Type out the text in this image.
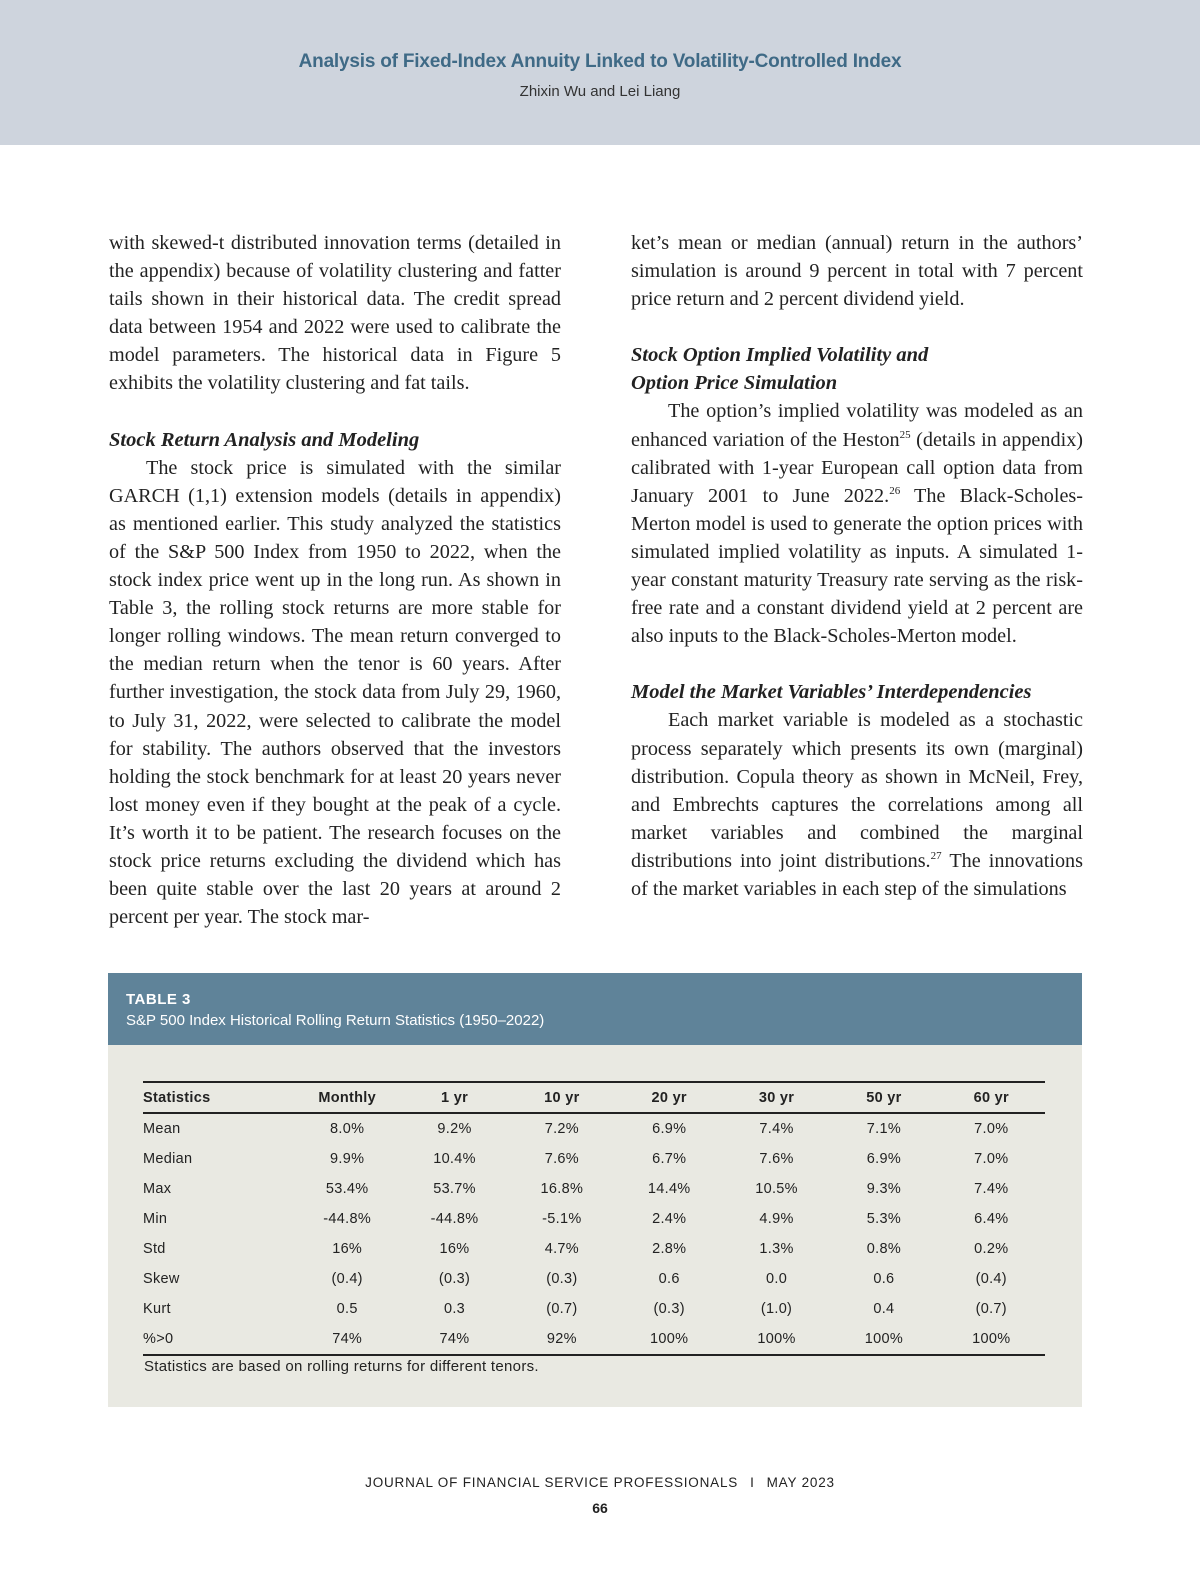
Analysis of Fixed-Index Annuity Linked to Volatility-Controlled Index
Zhixin Wu and Lei Liang

with skewed-t distributed innovation terms (detailed in the appendix) because of volatility clustering and fatter tails shown in their historical data. The credit spread data between 1954 and 2022 were used to calibrate the model parameters. The historical data in Figure 5 exhibits the volatility clustering and fat tails.

Stock Return Analysis and Modeling

The stock price is simulated with the similar GARCH (1,1) extension models (details in appendix) as mentioned earlier. This study analyzed the statistics of the S&P 500 Index from 1950 to 2022, when the stock index price went up in the long run. As shown in Table 3, the rolling stock returns are more stable for longer rolling windows. The mean return converged to the median return when the tenor is 60 years. After further investigation, the stock data from July 29, 1960, to July 31, 2022, were selected to calibrate the model for stability. The authors observed that the investors holding the stock benchmark for at least 20 years never lost money even if they bought at the peak of a cycle. It’s worth it to be patient. The research focuses on the stock price returns excluding the dividend which has been quite stable over the last 20 years at around 2 percent per year. The stock mar-

ket’s mean or median (annual) return in the authors’ simulation is around 9 percent in total with 7 percent price return and 2 percent dividend yield.

Stock Option Implied Volatility and
Option Price Simulation

The option’s implied volatility was modeled as an enhanced variation of the Heston$^{25}$ (details in appendix) calibrated with 1-year European call option data from January 2001 to June 2022.26 The Black-Scholes-Merton model is used to generate the option prices with simulated implied volatility as inputs. A simulated 1-year constant maturity Treasury rate serving as the risk-free rate and a constant dividend yield at 2 percent are also inputs to the Black-Scholes-Merton model.

Model the Market Variables’ Interdependencies

Each market variable is modeled as a stochastic process separately which presents its own (marginal) distribution. Copula theory as shown in McNeil, Frey, and Embrechts captures the correlations among all market variables and combined the marginal distributions into joint distributions.$^{27}$ The innovations of the market variables in each step of the simulations

TABLE 3
S&P 500 Index Historical Rolling Return Statistics (1950–2022)
Statistics	Monthly	1 yr	10 yr	20 yr	30 yr	50 yr	60 yr
Mean	8.0%	9.2%	7.2%	6.9%	7.4%	7.1%	7.0%
Median	9.9%	10.4%	7.6%	6.7%	7.6%	6.9%	7.0%
Max	53.4%	53.7%	16.8%	14.4%	10.5%	9.3%	7.4%
Min	-44.8%	-44.8%	-5.1%	2.4%	4.9%	5.3%	6.4%
Std	16%	16%	4.7%	2.8%	1.3%	0.8%	0.2%
Skew	(0.4)	(0.3)	(0.3)	0.6	0.0	0.6	(0.4)
Kurt	0.5	0.3	(0.7)	(0.3)	(1.0)	0.4	(0.7)
%>0	74%	74%	92%	100%	100%	100%	100%
Statistics are based on rolling returns for different tenors.
JOURNAL OF FINANCIAL SERVICE PROFESSIONALS I MAY 2023
66
